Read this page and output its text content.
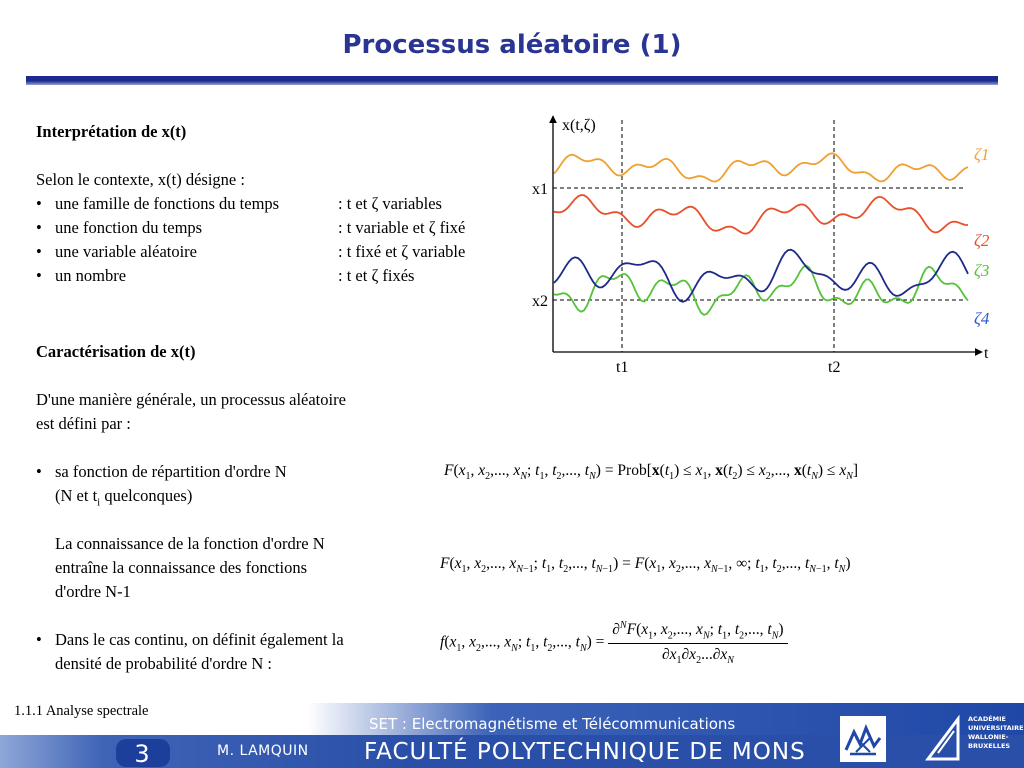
Processus aléatoire (1)
Interprétation de x(t)
Selon le contexte, x(t) désigne :
• une famille de fonctions du temps	: t et ζ variables
• une fonction du temps	: t variable et ζ fixé
• une variable aléatoire	: t fixé et ζ variable
• un nombre	: t et ζ fixés
Caractérisation de x(t)
D'une manière générale, un processus aléatoire
est défini par :
• sa fonction de répartition d'ordre N
(N et $t_i$ quelconques)
La connaissance de la fonction d'ordre N
entraîne la connaissance des fonctions
d'ordre N-1
• Dans le cas continu, on définit également la
densité de probabilité d'ordre N :
x(t,ζ)
t
x1
x2
t1	t2
ζ1
ζ2
ζ3
ζ4
$F(x_1$, $x_2$,..., $x_N$; $t_1$, $t_2$,..., $t_N$) = $Prob[x(t_1) \le x_1$, $x(t_2) \le x_2$,..., $x(t_N) \le x_N$]
$F(x_1$, $x_2$,..., $x_{N-1}$; $t_1$, $t_2$,..., $t_{N-1}) = F(x_1$, $x_2$,..., $x_{N-1}$, ∞; $t_1$, $t_2$,..., $t_{N-1}$, $t_N$)
$f(x_1$, $x_2$,..., $x_N$; $t_1$, $t_2$,..., $t_N) = \frac{\partial^NF(x_1, x_2,..., x_N; t_1, t_2,..., t_N)}{\partial x_1\partial x_2...\partial x_N}$
1.1.1 Analyse spectrale
SET : Electromagnétisme et Télécommunications
3	M. LAMQUIN FACULTÉ POLYTECHNIQUE DE MONS
ACADÉMIE
UNIVERSITAIRE
WALLONIE-
BRUXELLES
